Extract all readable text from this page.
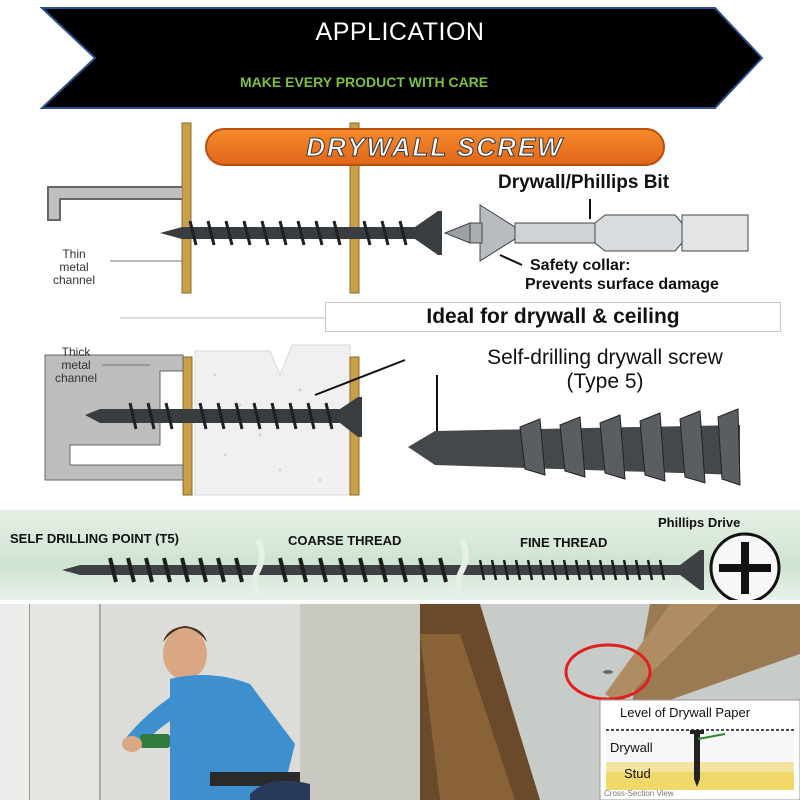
APPLICATION
MAKE EVERY PRODUCT WITH CARE
DRYWALL SCREW
Drywall/Phillips Bit
Thin
metal
channel
Safety collar:
Prevents surface damage
Ideal for drywall & ceiling
Thick
metal
channel
Self-drilling drywall screw
(Type 5)
SELF DRILLING POINT (T5)	COARSE THREAD	FINE THREAD
Phillips Drive
Level of Drywall Paper
Drywall
Stud
Cross-Section View
